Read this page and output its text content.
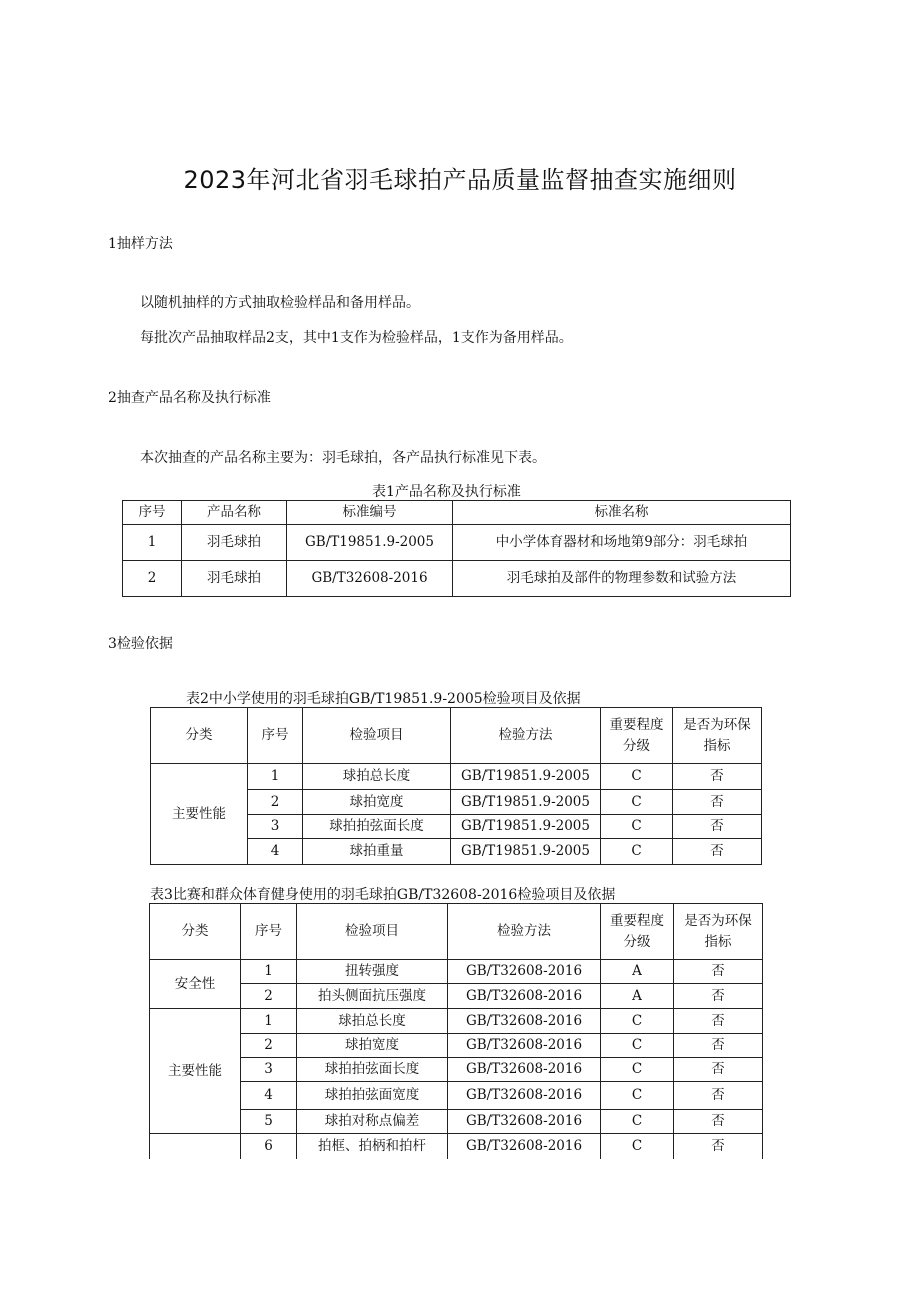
2023年河北省羽毛球拍产品质量监督抽查实施细则
1抽样方法
以随机抽样的方式抽取检验样品和备用样品。
每批次产品抽取样品2支，其中1支作为检验样品，1支作为备用样品。
2抽查产品名称及执行标准
本次抽查的产品名称主要为：羽毛球拍，各产品执行标准见下表。
表1产品名称及执行标准
序号	产品名称	标准编号	标准名称
1	羽毛球拍	GB/T19851.9-2005	中小学体育器材和场地第9部分：羽毛球拍
2	羽毛球拍	GB/T32608-2016	羽毛球拍及部件的物理参数和试验方法
3检验依据
表2中小学使用的羽毛球拍GB/T19851.9-2005检验项目及依据
分类	序号	检验项目	检验方法	重要程度分级	是否为环保指标
主要性能	1	球拍总长度	GB/T19851.9-2005	C	否
	2	球拍宽度	GB/T19851.9-2005	C	否
	3	球拍拍弦面长度	GB/T19851.9-2005	C	否
	4	球拍重量	GB/T19851.9-2005	C	否
表3比赛和群众体育健身使用的羽毛球拍GB/T32608-2016检验项目及依据
分类	序号	检验项目	检验方法	重要程度分级	是否为环保指标
安全性	1	扭转强度	GB/T32608-2016	A	否
	2	拍头侧面抗压强度	GB/T32608-2016	A	否
主要性能	1	球拍总长度	GB/T32608-2016	C	否
	2	球拍宽度	GB/T32608-2016	C	否
	3	球拍拍弦面长度	GB/T32608-2016	C	否
	4	球拍拍弦面宽度	GB/T32608-2016	C	否
	5	球拍对称点偏差	GB/T32608-2016	C	否
	6	拍框、拍柄和拍杆	GB/T32608-2016	C	否
